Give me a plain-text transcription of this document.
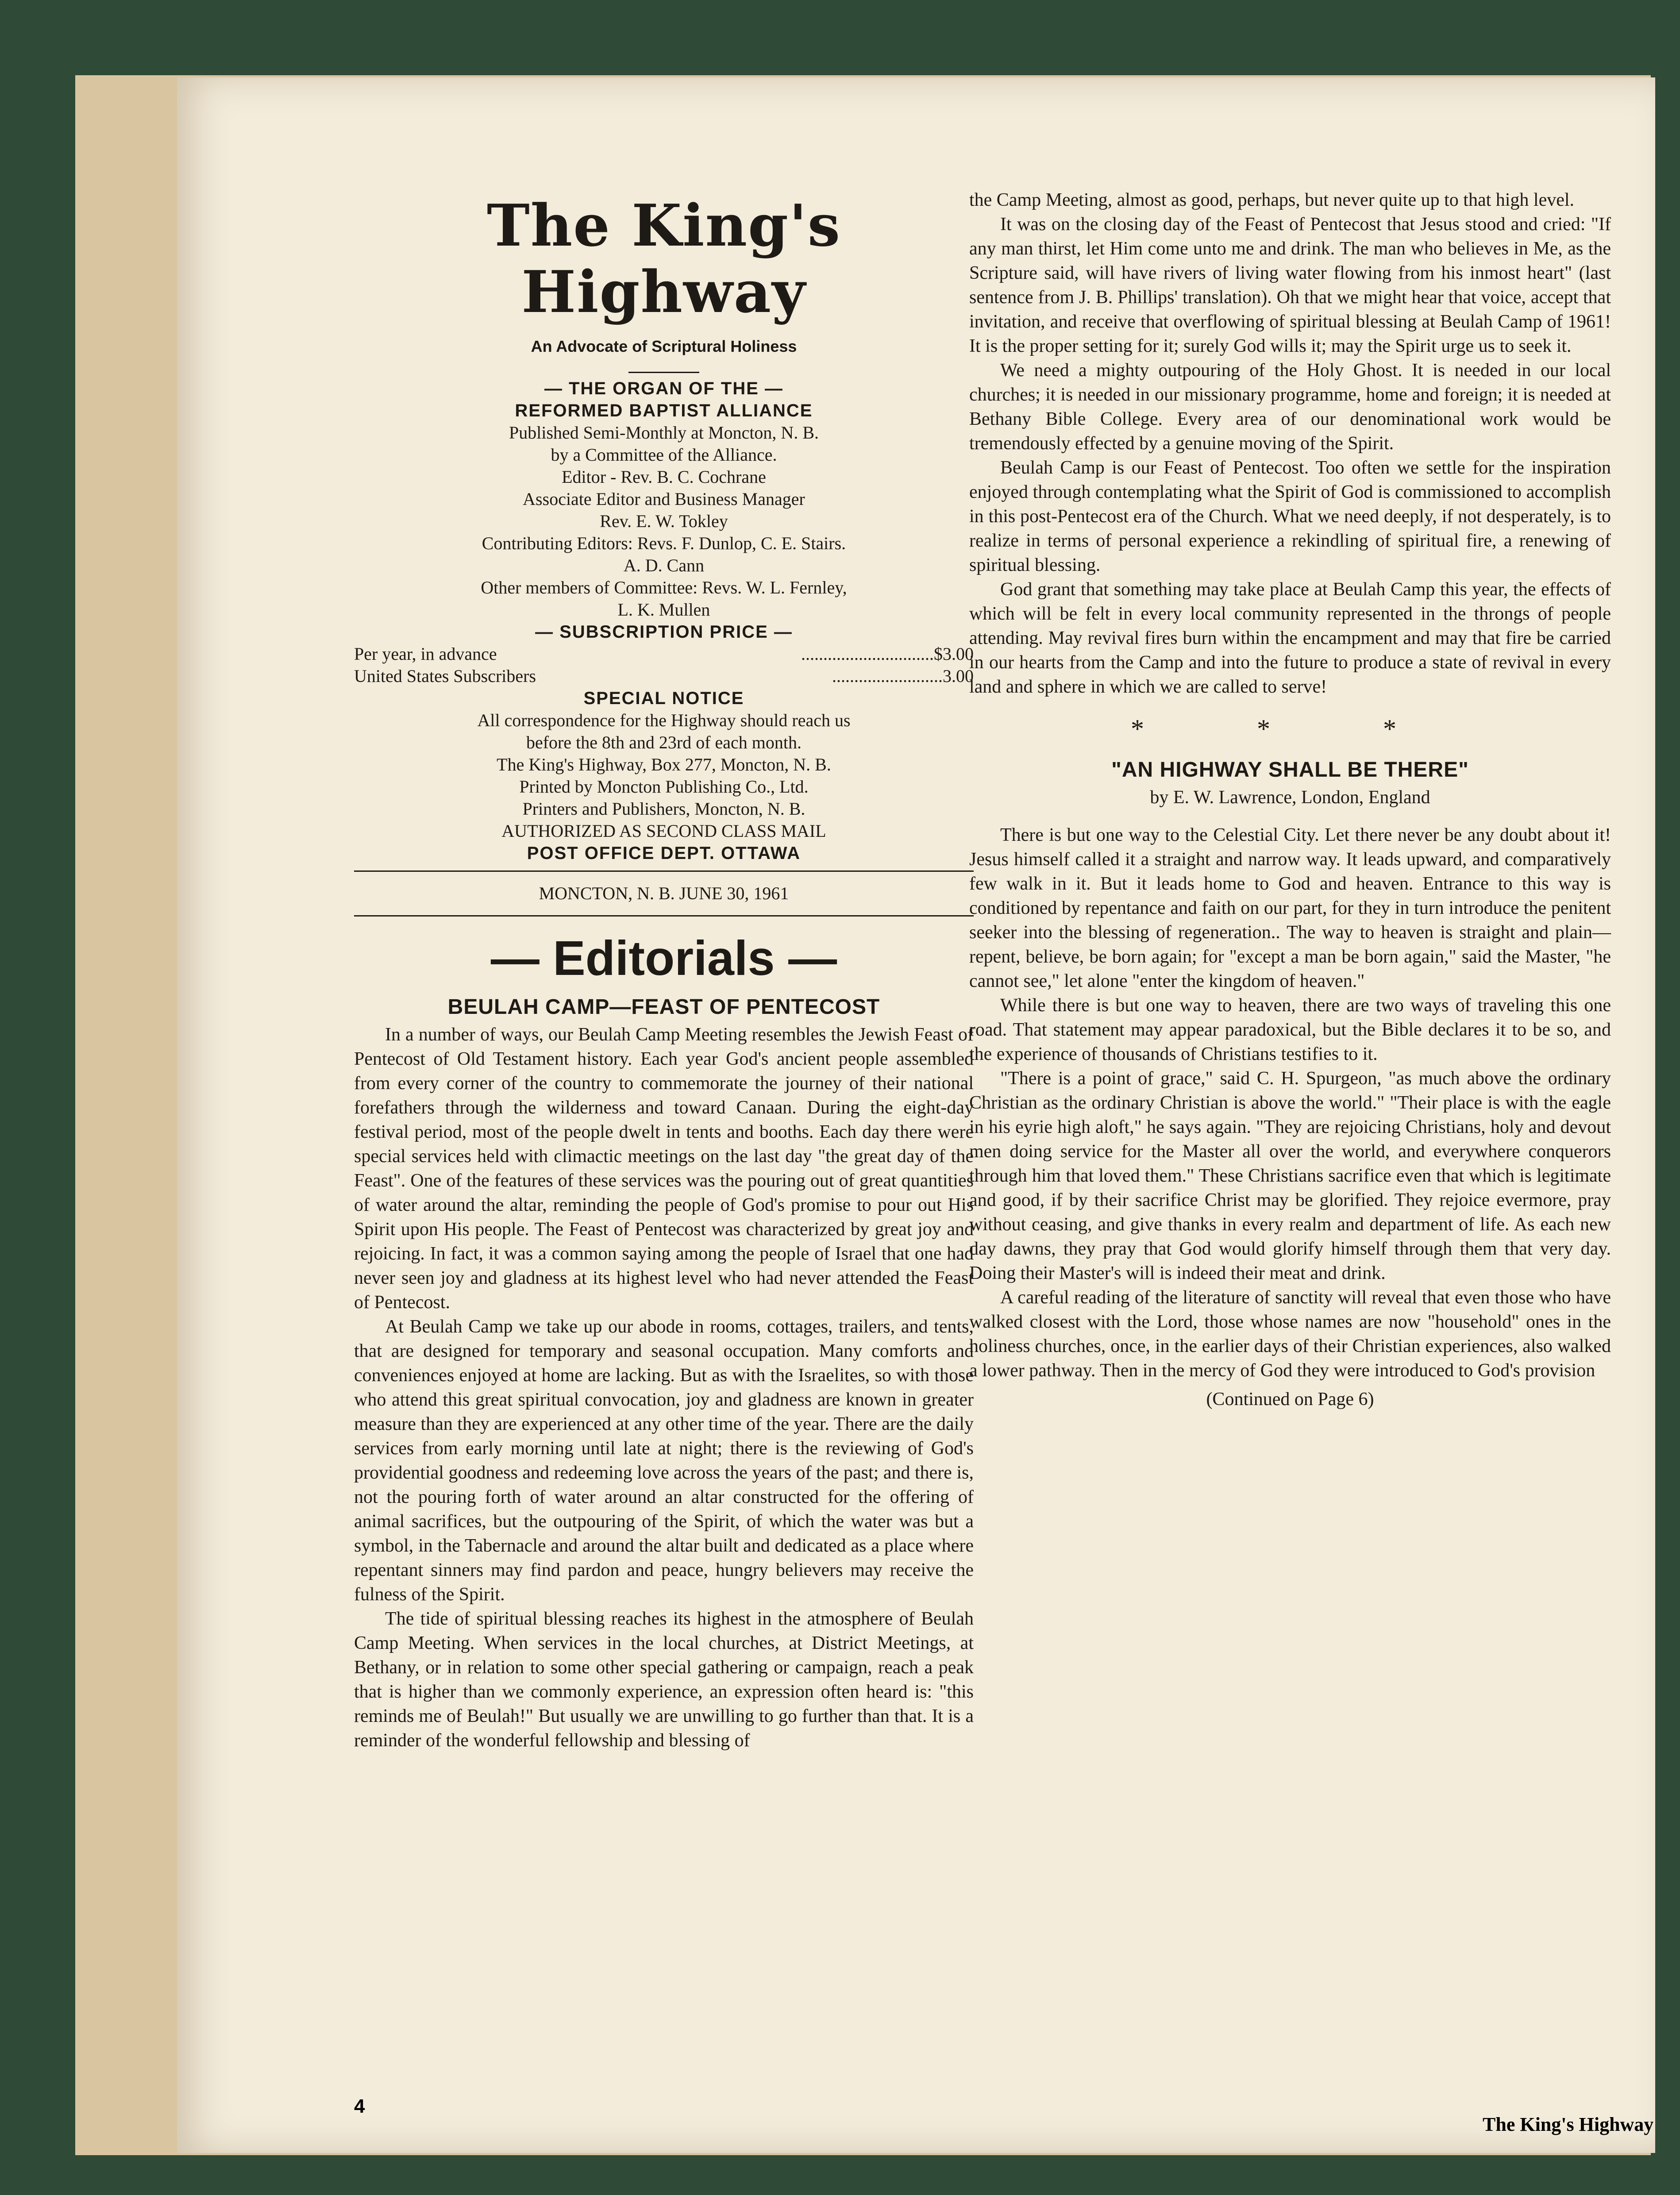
The King's Highway
An Advocate of Scriptural Holiness
— THE ORGAN OF THE —
REFORMED BAPTIST ALLIANCE
Published Semi-Monthly at Moncton, N. B.
by a Committee of the Alliance.
Editor - Rev. B. C. Cochrane
Associate Editor and Business Manager
Rev. E. W. Tokley
Contributing Editors: Revs. F. Dunlop, C. E. Stairs.
A. D. Cann
Other members of Committee: Revs. W. L. Fernley,
L. K. Mullen
— SUBSCRIPTION PRICE —
Per year, in advance	.............................. $3.00
United States Subscribers	......................... 3.00
SPECIAL NOTICE
All correspondence for the Highway should reach us
before the 8th and 23rd of each month.
The King's Highway, Box 277, Moncton, N. B.
Printed by Moncton Publishing Co., Ltd.
Printers and Publishers, Moncton, N. B.
AUTHORIZED AS SECOND CLASS MAIL
POST OFFICE DEPT. OTTAWA
MONCTON, N. B. JUNE 30, 1961
— Editorials —
BEULAH CAMP—FEAST OF PENTECOST

In a number of ways, our Beulah Camp Meeting resembles the Jewish Feast of Pentecost of Old Testament history. Each year God's ancient people assembled from every corner of the country to commemorate the journey of their national forefathers through the wilderness and toward Canaan. During the eight-day festival period, most of the people dwelt in tents and booths. Each day there were special services held with climactic meetings on the last day "the great day of the Feast". One of the features of these services was the pouring out of great quantities of water around the altar, reminding the people of God's promise to pour out His Spirit upon His people. The Feast of Pentecost was characterized by great joy and rejoicing. In fact, it was a common saying among the people of Israel that one had never seen joy and gladness at its highest level who had never attended the Feast of Pentecost.

At Beulah Camp we take up our abode in rooms, cottages, trailers, and tents, that are designed for temporary and seasonal occupation. Many comforts and conveniences enjoyed at home are lacking. But as with the Israelites, so with those who attend this great spiritual convocation, joy and gladness are known in greater measure than they are experienced at any other time of the year. There are the daily services from early morning until late at night; there is the reviewing of God's providential goodness and redeeming love across the years of the past; and there is, not the pouring forth of water around an altar constructed for the offering of animal sacrifices, but the outpouring of the Spirit, of which the water was but a symbol, in the Tabernacle and around the altar built and dedicated as a place where repentant sinners may find pardon and peace, hungry believers may receive the fulness of the Spirit.

The tide of spiritual blessing reaches its highest in the atmosphere of Beulah Camp Meeting. When services in the local churches, at District Meetings, at Bethany, or in relation to some other special gathering or campaign, reach a peak that is higher than we commonly experience, an expression often heard is: "this reminds me of Beulah!" But usually we are unwilling to go further than that. It is a reminder of the wonderful fellowship and blessing of

the Camp Meeting, almost as good, perhaps, but never quite up to that high level.

It was on the closing day of the Feast of Pentecost that Jesus stood and cried: "If any man thirst, let Him come unto me and drink. The man who believes in Me, as the Scripture said, will have rivers of living water flowing from his inmost heart" (last sentence from J. B. Phillips' translation). Oh that we might hear that voice, accept that invitation, and receive that overflowing of spiritual blessing at Beulah Camp of 1961! It is the proper setting for it; surely God wills it; may the Spirit urge us to seek it.

We need a mighty outpouring of the Holy Ghost. It is needed in our local churches; it is needed in our missionary programme, home and foreign; it is needed at Bethany Bible College. Every area of our denominational work would be tremendously effected by a genuine moving of the Spirit.

Beulah Camp is our Feast of Pentecost. Too often we settle for the inspiration enjoyed through contemplating what the Spirit of God is commissioned to accomplish in this post-Pentecost era of the Church. What we need deeply, if not desperately, is to realize in terms of personal experience a rekindling of spiritual fire, a renewing of spiritual blessing.

God grant that something may take place at Beulah Camp this year, the effects of which will be felt in every local community represented in the throngs of people attending. May revival fires burn within the encampment and may that fire be carried in our hearts from the Camp and into the future to produce a state of revival in every land and sphere in which we are called to serve!

* * *
"AN HIGHWAY SHALL BE THERE"
by E. W. Lawrence, London, England

There is but one way to the Celestial City. Let there never be any doubt about it! Jesus himself called it a straight and narrow way. It leads upward, and comparatively few walk in it. But it leads home to God and heaven. Entrance to this way is conditioned by repentance and faith on our part, for they in turn introduce the penitent seeker into the blessing of regeneration.. The way to heaven is straight and plain—repent, believe, be born again; for "except a man be born again," said the Master, "he cannot see," let alone "enter the kingdom of heaven."

While there is but one way to heaven, there are two ways of traveling this one road. That statement may appear paradoxical, but the Bible declares it to be so, and the experience of thousands of Christians testifies to it.

"There is a point of grace," said C. H. Spurgeon, "as much above the ordinary Christian as the ordinary Christian is above the world." "Their place is with the eagle in his eyrie high aloft," he says again. "They are rejoicing Christians, holy and devout men doing service for the Master all over the world, and everywhere conquerors through him that loved them." These Christians sacrifice even that which is legitimate and good, if by their sacrifice Christ may be glorified. They rejoice evermore, pray without ceasing, and give thanks in every realm and department of life. As each new day dawns, they pray that God would glorify himself through them that very day. Doing their Master's will is indeed their meat and drink.

A careful reading of the literature of sanctity will reveal that even those who have walked closest with the Lord, those whose names are now "household" ones in the holiness churches, once, in the earlier days of their Christian experiences, also walked a lower pathway. Then in the mercy of God they were introduced to God's provision

(Continued on Page 6)
4
The King's Highway
